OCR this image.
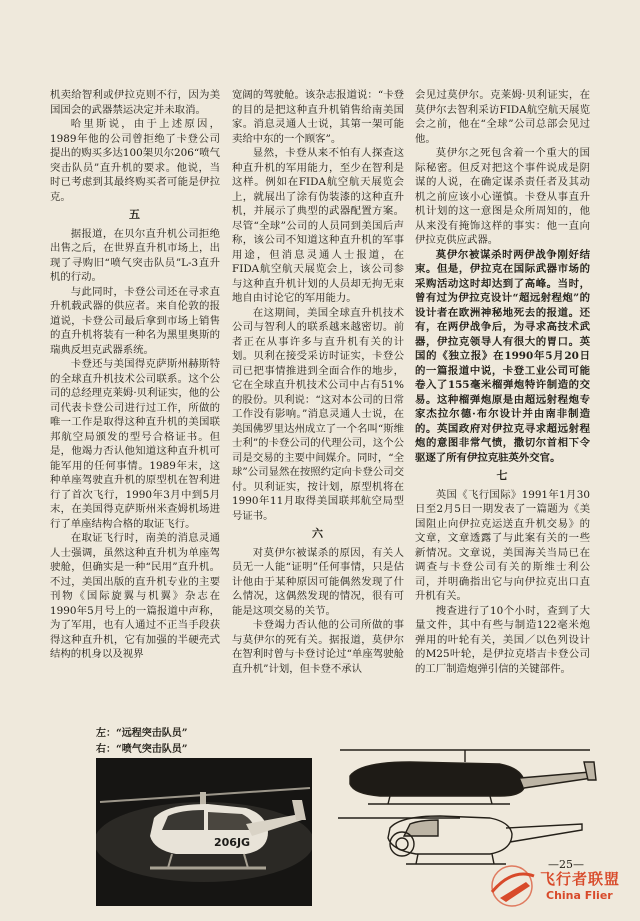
机卖给智利或伊拉克则不行，因为美国国会的武器禁运决定并未取消。

哈里斯说，由于上述原因，1989年他的公司曾拒绝了卡登公司提出的购买多达100架贝尔206“喷气突击队员”直升机的要求。他说，当时已考虑到其最终购买者可能是伊拉克。

五

据报道，在贝尔直升机公司拒绝出售之后，在世界直升机市场上，出现了寻购旧“喷气突击队员”L-3直升机的行动。

与此同时，卡登公司还在寻求直升机载武器的供应者。来自伦敦的报道说，卡登公司最后拿到市场上销售的直升机将装有一种名为黑里奥斯的瑞典反坦克武器系统。

卡登还与美国得克萨斯州赫斯特的全球直升机技术公司联系。这个公司的总经理克莱姆·贝利证实，他的公司代表卡登公司进行过工作，所做的唯一工作是取得这种直升机的美国联邦航空局颁发的型号合格证书。但是，他竭力否认他知道这种直升机可能军用的任何事情。1989年末，这种单座驾驶直升机的原型机在智利进行了首次飞行，1990年3月中到5月末，在美国得克萨斯州米查姆机场进行了单座结构合格的取证飞行。

在取证飞行时，南美的消息灵通人士强调，虽然这种直升机为单座驾驶舱，但确实是一种“民用”直升机。不过，美国出版的直升机专业的主要刊物《国际旋翼与机翼》杂志在1990年5月号上的一篇报道中声称，为了军用，也有人通过不正当手段获得这种直升机，它有加强的半硬壳式结构的机身以及视界

宽阔的驾驶舱。该杂志报道说：“卡登的目的是把这种直升机销售给南美国家。消息灵通人士说，其第一架可能卖给中东的一个顾客”。

显然，卡登从来不怕有人探查这种直升机的军用能力，至少在智利是这样。例如在FIDA航空航天展览会上，就展出了涂有伪装漆的这种直升机，并展示了典型的武器配置方案。尽管“全球”公司的人员同到美国后声称，该公司不知道这种直升机的军事用途，但消息灵通人士报道，在FIDA航空航天展览会上，该公司参与这种直升机计划的人员却无拘无束地自由讨论它的军用能力。

在这期间，美国全球直升机技术公司与智利人的联系越来越密切。前者正在从事许多与直升机有关的计划。贝利在接受采访时证实，卡登公司已把事情推进到全面合作的地步，它在全球直升机技术公司中占有51%的股份。贝利说：“这对本公司的日常工作没有影响。”消息灵通人士说，在美国佛罗里达州成立了一个名叫“斯维士利”的卡登公司的代理公司，这个公司是交易的主要中间媒介。同时，“全球”公司显然在按照约定向卡登公司交付。贝利证实，按计划，原型机将在1990年11月取得美国联邦航空局型号证书。

六

对莫伊尔被谋杀的原因，有关人员无一人能“证明”任何事情，只是估计他由于某种原因可能偶然发现了什么情况，这偶然发现的情况，很有可能是这项交易的关节。

卡登竭力否认他的公司所做的事与莫伊尔的死有关。据报道，莫伊尔在智利时曾与卡登讨论过“单座驾驶舱直升机”计划，但卡登不承认

会见过莫伊尔。克莱姆·贝利证实，在莫伊尔去智利采访FIDA航空航天展览会之前，他在“全球”公司总部会见过他。

莫伊尔之死包含着一个重大的国际秘密。但反对把这个事件说成是阴谋的人说，在确定谋杀责任者及其动机之前应该小心谨慎。卡登从事直升机计划的这一意图是众所周知的，他从来没有掩饰这样的事实：他一直向伊拉克供应武器。

莫伊尔被谋杀时两伊战争刚好结束。但是，伊拉克在国际武器市场的采购活动这时却达到了高峰。当时，曾有过为伊拉克设计“超远射程炮”的设计者在欧洲神秘地死去的报道。还有，在两伊战争后，为寻求高技术武器，伊拉克领导人有很大的胃口。英国的《独立报》在1990年5月20日的一篇报道中说，卡登工业公司可能卷入了155毫米榴弹炮特许制造的交易。这种榴弹炮原是由超远射程炮专家杰拉尔德·布尔设计并由南非制造的。英国政府对伊拉克寻求超远射程炮的意图非常气愤，撒切尔首相下令驱逐了所有伊拉克驻英外交官。

七

英国《飞行国际》1991年1月30日至2月5日一期发表了一篇题为《美国阻止向伊拉克运送直升机交易》的文章，文章透露了与此案有关的一些新情况。文章说，美国海关当局已在调查与卡登公司有关的斯维士利公司，并明确指出它与向伊拉克出口直升机有关。

搜查进行了10个小时，查到了大量文件，其中有些与制造122毫米炮弹用的叶轮有关，美国／以色列设计的M25叶轮，是伊拉克塔吉卡登公司的工厂制造炮弹引信的关键部件。

左：“远程突击队员”
右：“喷气突击队员”
206JG
—25—
飞行者联盟
China Flier
